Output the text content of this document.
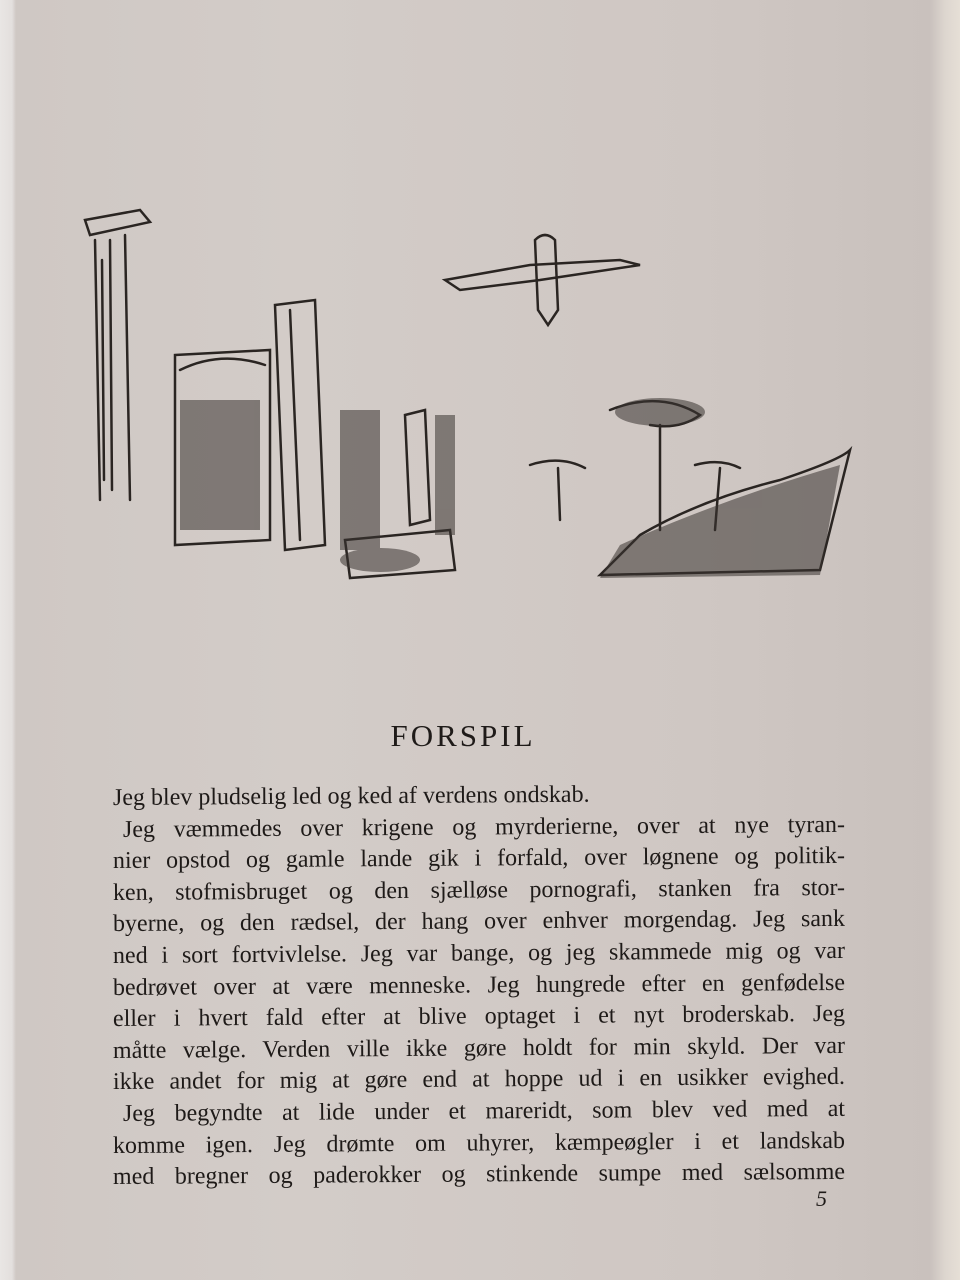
FORSPIL
Jeg blev pludselig led og ked af verdens ondskab.
Jeg væmmedes over krigene og myrderierne, over at nye tyran-
nier opstod og gamle lande gik i forfald, over løgnene og politik-
ken, stofmisbruget og den sjælløse pornografi, stanken fra stor-
byerne, og den rædsel, der hang over enhver morgendag. Jeg sank
ned i sort fortvivlelse. Jeg var bange, og jeg skammede mig og var
bedrøvet over at være menneske. Jeg hungrede efter en genfødelse
eller i hvert fald efter at blive optaget i et nyt broderskab. Jeg
måtte vælge. Verden ville ikke gøre holdt for min skyld. Der var
ikke andet for mig at gøre end at hoppe ud i en usikker evighed.
Jeg begyndte at lide under et mareridt, som blev ved med at
komme igen. Jeg drømte om uhyrer, kæmpeøgler i et landskab
med bregner og paderokker og stinkende sumpe med sælsomme
5
